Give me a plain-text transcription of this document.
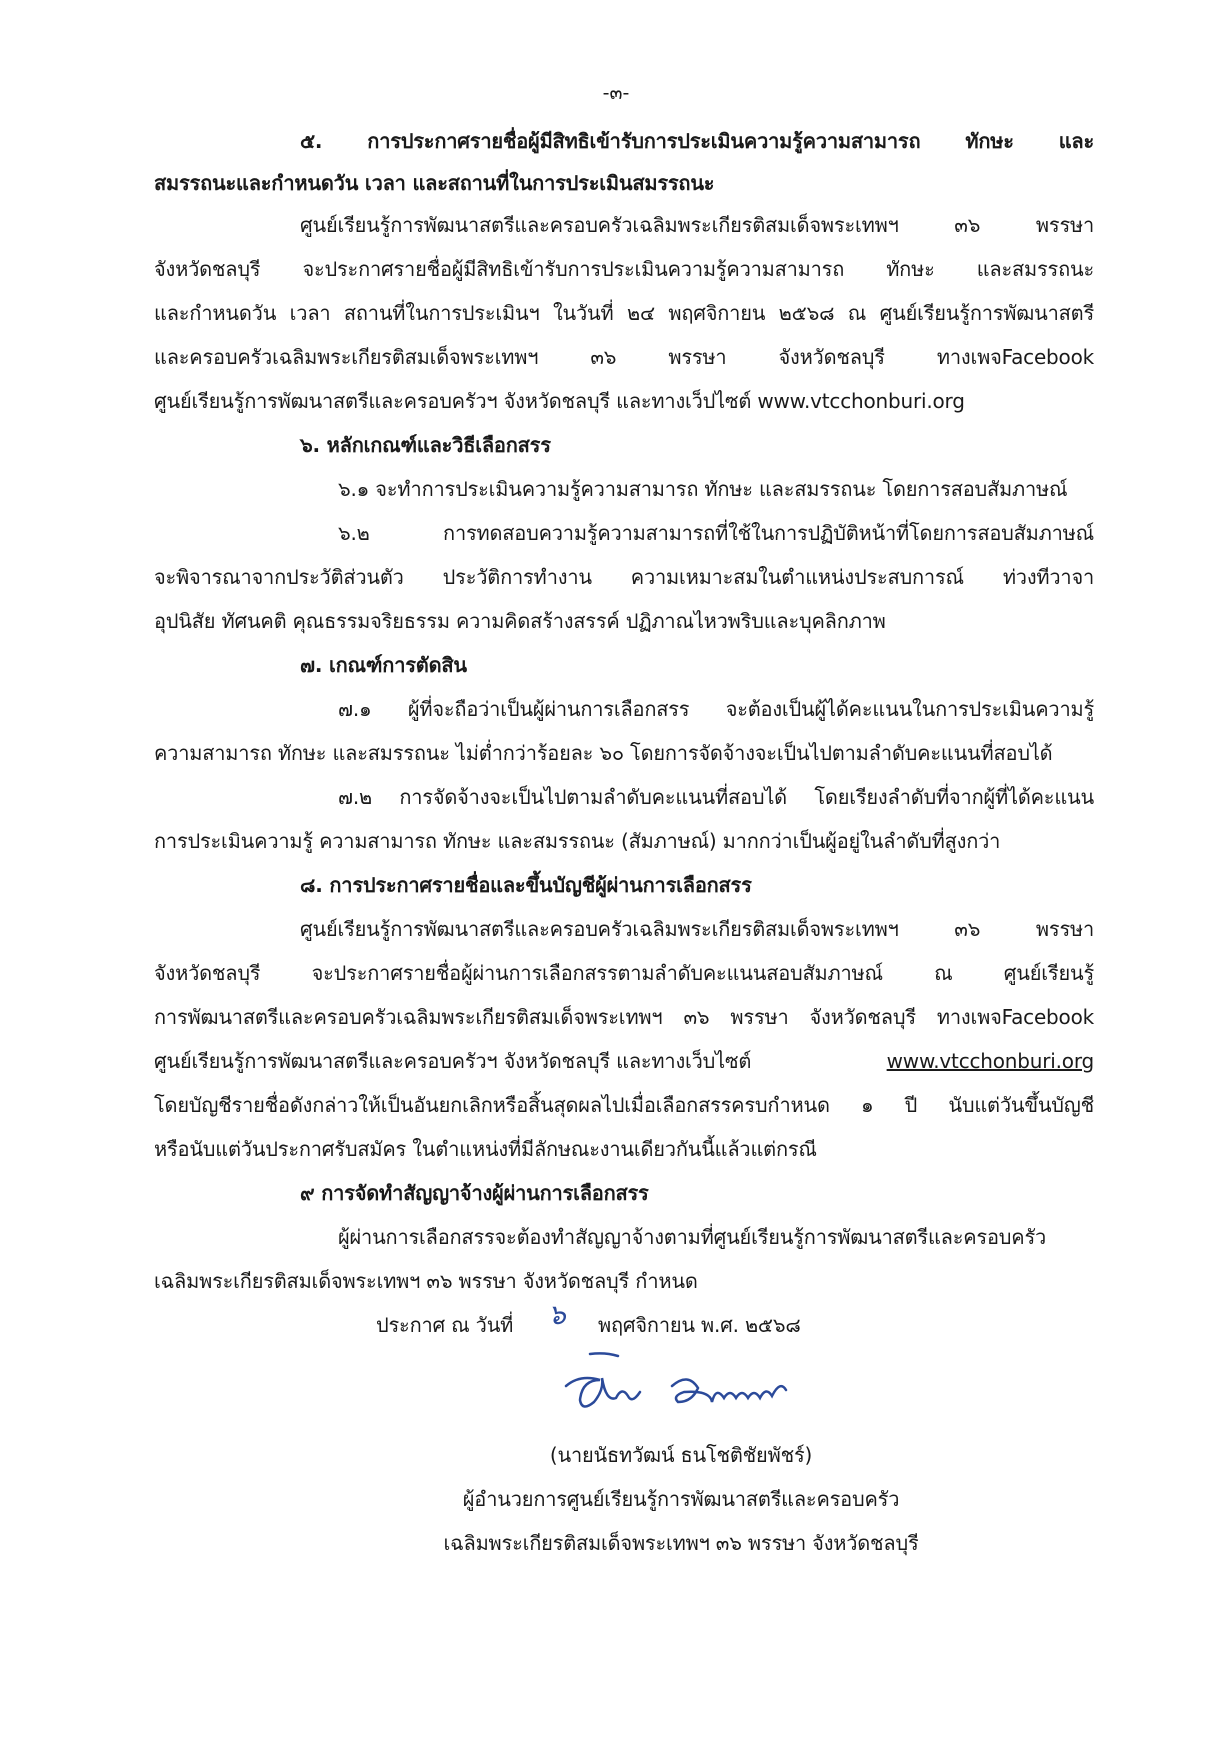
-๓-
๕. การประกาศรายชื่อผู้มีสิทธิเข้ารับการประเมินความรู้ความสามารถ ทักษะ และ
สมรรถนะและกำหนดวัน เวลา และสถานที่ในการประเมินสมรรถนะ
ศูนย์เรียนรู้การพัฒนาสตรีและครอบครัวเฉลิมพระเกียรติสมเด็จพระเทพฯ ๓๖ พรรษา
จังหวัดชลบุรี จะประกาศรายชื่อผู้มีสิทธิเข้ารับการประเมินความรู้ความสามารถ ทักษะ และสมรรถนะ
และกำหนดวัน เวลา สถานที่ในการประเมินฯ ในวันที่ ๒๔ พฤศจิกายน ๒๕๖๘ ณ ศูนย์เรียนรู้การพัฒนาสตรี
และครอบครัวเฉลิมพระเกียรติสมเด็จพระเทพฯ ๓๖ พรรษา จังหวัดชลบุรี ทางเพจFacebook
ศูนย์เรียนรู้การพัฒนาสตรีและครอบครัวฯ จังหวัดชลบุรี และทางเว็ปไซต์ www.vtcchonburi.org
๖. หลักเกณฑ์และวิธีเลือกสรร
๖.๑ จะทำการประเมินความรู้ความสามารถ ทักษะ และสมรรถนะ โดยการสอบสัมภาษณ์
๖.๒ การทดสอบความรู้ความสามารถที่ใช้ในการปฏิบัติหน้าที่โดยการสอบสัมภาษณ์
จะพิจารณาจากประวัติส่วนตัว ประวัติการทำงาน ความเหมาะสมในตำแหน่งประสบการณ์ ท่วงทีวาจา
อุปนิสัย ทัศนคติ คุณธรรมจริยธรรม ความคิดสร้างสรรค์ ปฏิภาณไหวพริบและบุคลิกภาพ
๗. เกณฑ์การตัดสิน
๗.๑ ผู้ที่จะถือว่าเป็นผู้ผ่านการเลือกสรร จะต้องเป็นผู้ได้คะแนนในการประเมินความรู้
ความสามารถ ทักษะ และสมรรถนะ ไม่ต่ำกว่าร้อยละ ๖๐ โดยการจัดจ้างจะเป็นไปตามลำดับคะแนนที่สอบได้
๗.๒ การจัดจ้างจะเป็นไปตามลำดับคะแนนที่สอบได้ โดยเรียงลำดับที่จากผู้ที่ได้คะแนน
การประเมินความรู้ ความสามารถ ทักษะ และสมรรถนะ (สัมภาษณ์) มากกว่าเป็นผู้อยู่ในลำดับที่สูงกว่า
๘. การประกาศรายชื่อและขึ้นบัญชีผู้ผ่านการเลือกสรร
ศูนย์เรียนรู้การพัฒนาสตรีและครอบครัวเฉลิมพระเกียรติสมเด็จพระเทพฯ ๓๖ พรรษา
จังหวัดชลบุรี จะประกาศรายชื่อผู้ผ่านการเลือกสรรตามลำดับคะแนนสอบสัมภาษณ์ ณ ศูนย์เรียนรู้
การพัฒนาสตรีและครอบครัวเฉลิมพระเกียรติสมเด็จพระเทพฯ ๓๖ พรรษา จังหวัดชลบุรี ทางเพจFacebook
ศูนย์เรียนรู้การพัฒนาสตรีและครอบครัวฯ จังหวัดชลบุรี และทางเว็บไซต์	www.vtcchonburi.org
โดยบัญชีรายชื่อดังกล่าวให้เป็นอันยกเลิกหรือสิ้นสุดผลไปเมื่อเลือกสรรครบกำหนด ๑ ปี นับแต่วันขึ้นบัญชี
หรือนับแต่วันประกาศรับสมัคร ในตำแหน่งที่มีลักษณะงานเดียวกันนี้แล้วแต่กรณี
๙ การจัดทำสัญญาจ้างผู้ผ่านการเลือกสรร
ผู้ผ่านการเลือกสรรจะต้องทำสัญญาจ้างตามที่ศูนย์เรียนรู้การพัฒนาสตรีและครอบครัว
เฉลิมพระเกียรติสมเด็จพระเทพฯ ๓๖ พรรษา จังหวัดชลบุรี กำหนด
ประกาศ ณ วันที่ ๖ พฤศจิกายน พ.ศ. ๒๕๖๘
(นายนัธทวัฒน์ ธนโชติชัยพัชร์)
ผู้อำนวยการศูนย์เรียนรู้การพัฒนาสตรีและครอบครัว
เฉลิมพระเกียรติสมเด็จพระเทพฯ ๓๖ พรรษา จังหวัดชลบุรี
